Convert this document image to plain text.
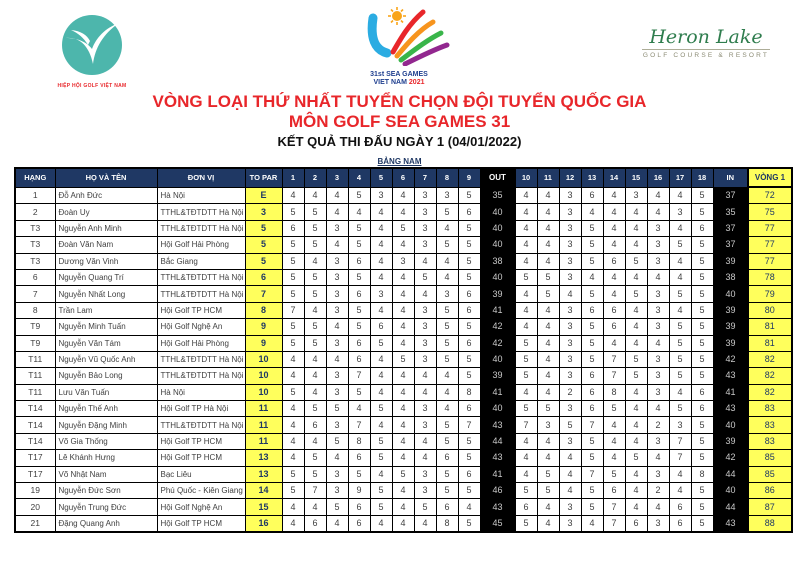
HIỆP HỘI GOLF VIỆT NAM
31st SEA GAMES
VIET NAM 2021
Heron Lake
GOLF COURSE & RESORT
VÒNG LOẠI THỨ NHẤT TUYỂN CHỌN ĐỘI TUYỂN QUỐC GIA
MÔN GOLF SEA GAMES 31
KẾT QUẢ THI ĐẤU NGÀY 1 (04/01/2022)
BẢNG NAM
HẠNG	HỌ VÀ TÊN	ĐƠN VỊ	TO PAR	1	2	3	4	5	6	7	8	9	OUT	10	11	12	13	14	15	16	17	18	IN	VÒNG 1
1	Đỗ Anh Đức	Hà Nội	E	4	4	4	5	3	4	3	3	5	35	4	4	3	6	4	3	4	4	5	37	72
2	Đoàn Uy	TTHL&TĐTDTT Hà Nội	3	5	5	4	4	4	4	3	5	6	40	4	4	3	4	4	4	4	3	5	35	75
T3	Nguyễn Anh Minh	TTHL&TĐTDTT Hà Nội	5	6	5	3	5	4	5	3	4	5	40	4	4	3	5	4	4	3	4	6	37	77
T3	Đoàn Văn Nam	Hội Golf Hải Phòng	5	5	5	4	5	4	4	3	5	5	40	4	4	3	5	4	4	3	5	5	37	77
T3	Dương Văn Vinh	Bắc Giang	5	5	4	3	6	4	3	4	4	5	38	4	4	3	5	6	5	3	4	5	39	77
6	Nguyễn Quang Trí	TTHL&TĐTDTT Hà Nội	6	5	5	3	5	4	4	5	4	5	40	5	5	3	4	4	4	4	4	5	38	78
7	Nguyễn Nhất Long	TTHL&TĐTDTT Hà Nội	7	5	5	3	6	3	4	4	3	6	39	4	5	4	5	4	5	3	5	5	40	79
8	Trần Lam	Hội Golf TP HCM	8	7	4	3	5	4	4	3	5	6	41	4	4	3	6	6	4	3	4	5	39	80
T9	Nguyễn Minh Tuấn	Hội Golf Nghệ An	9	5	5	4	5	6	4	3	5	5	42	4	4	3	5	6	4	3	5	5	39	81
T9	Nguyễn Văn Tám	Hội Golf Hải Phòng	9	5	5	3	6	5	4	3	5	6	42	5	4	3	5	4	4	4	5	5	39	81
T11	Nguyễn Vũ Quốc Anh	TTHL&TĐTDTT Hà Nội	10	4	4	4	6	4	5	3	5	5	40	5	4	3	5	7	5	3	5	5	42	82
T11	Nguyễn Bảo Long	TTHL&TĐTDTT Hà Nội	10	4	4	3	7	4	4	4	4	5	39	5	4	3	6	7	5	3	5	5	43	82
T11	Lưu Văn Tuấn	Hà Nội	10	5	4	3	5	4	4	4	4	8	41	4	4	2	6	8	4	3	4	6	41	82
T14	Nguyễn Thế Anh	Hội Golf TP Hà Nội	11	4	5	5	4	5	4	3	4	6	40	5	5	3	6	5	4	4	5	6	43	83
T14	Nguyễn Đặng Minh	TTHL&TĐTDTT Hà Nội	11	4	6	3	7	4	4	3	5	7	43	7	3	5	7	4	4	2	3	5	40	83
T14	Võ Gia Thống	Hội Golf TP HCM	11	4	4	5	8	5	4	4	5	5	44	4	4	3	5	4	4	3	7	5	39	83
T17	Lê Khánh Hưng	Hội Golf TP HCM	13	4	5	4	6	5	4	4	6	5	43	4	4	4	5	4	5	4	7	5	42	85
T17	Võ Nhật Nam	Bạc Liêu	13	5	5	3	5	4	5	3	5	6	41	4	5	4	7	5	4	3	4	8	44	85
19	Nguyễn Đức Sơn	Phú Quốc - Kiên Giang	14	5	7	3	9	5	4	3	5	5	46	5	5	4	5	6	4	2	4	5	40	86
20	Nguyễn Trung Đức	Hội Golf Nghệ An	15	4	4	5	6	5	4	5	6	4	43	6	4	3	5	7	4	4	6	5	44	87
21	Đặng Quang Anh	Hội Golf TP HCM	16	4	6	4	6	4	4	4	8	5	45	5	4	3	4	7	6	3	6	5	43	88
